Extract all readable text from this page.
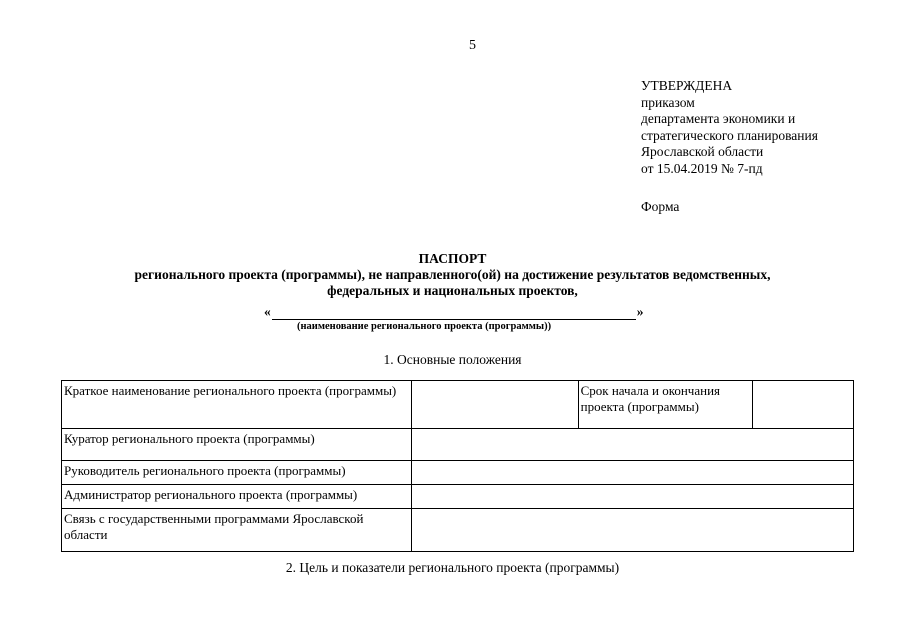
5
УТВЕРЖДЕНА
приказом
департамента экономики и
стратегического планирования
Ярославской области
от 15.04.2019 № 7-пд
Форма
ПАСПОРТ
регионального проекта (программы), не направленного(ой) на достижение результатов ведомственных,
федеральных и национальных проектов,
«	»
(наименование регионального проекта (программы))
1. Основные положения
Краткое наименование регионального проекта (программы)		Срок начала и окончания проекта (программы)	
Куратор регионального проекта (программы)			
Руководитель регионального проекта (программы)			
Администратор регионального проекта (программы)			
Связь с государственными программами Ярославской области			
2. Цель и показатели регионального проекта (программы)
